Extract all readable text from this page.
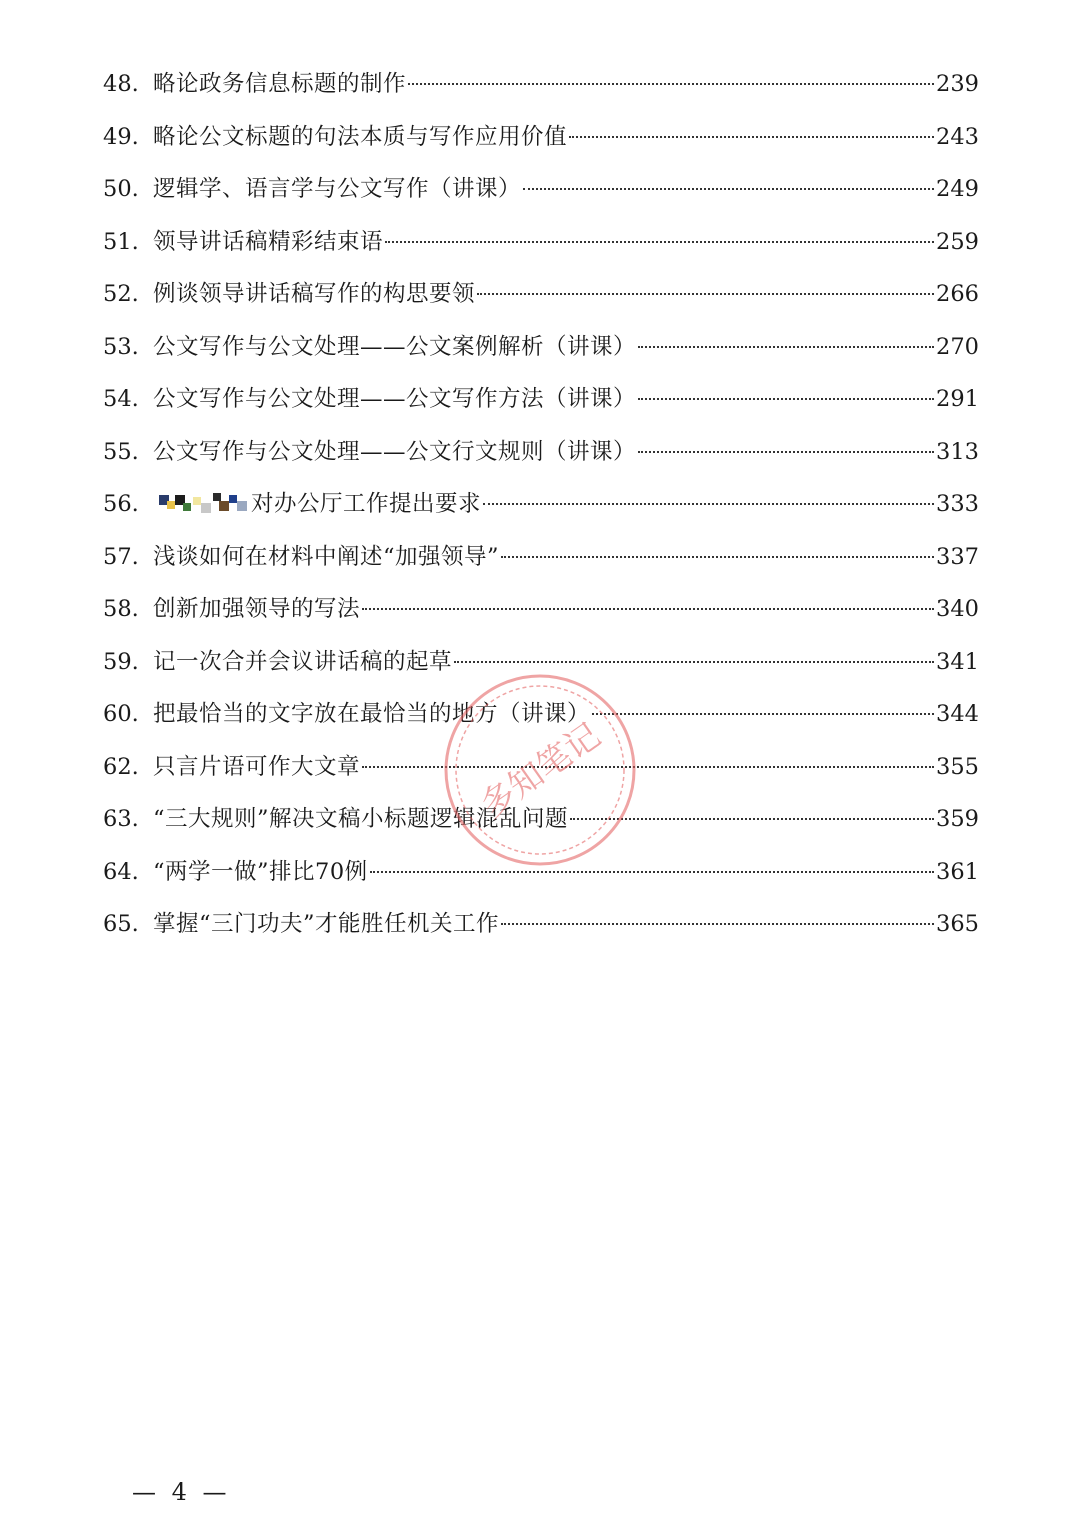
48. 略论政务信息标题的制作	239
49. 略论公文标题的句法本质与写作应用价值	243
50. 逻辑学、语言学与公文写作（讲课）	249
51. 领导讲话稿精彩结束语	259
52. 例谈领导讲话稿写作的构思要领	266
53. 公文写作与公文处理——公文案例解析（讲课）	270
54. 公文写作与公文处理——公文写作方法（讲课）	291
55. 公文写作与公文处理——公文行文规则（讲课）	313
56.	对办公厅工作提出要求	333
57. 浅谈如何在材料中阐述“加强领导”	337
58. 创新加强领导的写法	340
59. 记一次合并会议讲话稿的起草	341
60. 把最恰当的文字放在最恰当的地方（讲课）	344
62. 只言片语可作大文章	355
63. “三大规则”解决文稿小标题逻辑混乱问题	359
64. “两学一做”排比70例	361
65. 掌握“三门功夫”才能胜任机关工作	365
多知笔记
— 4 —
